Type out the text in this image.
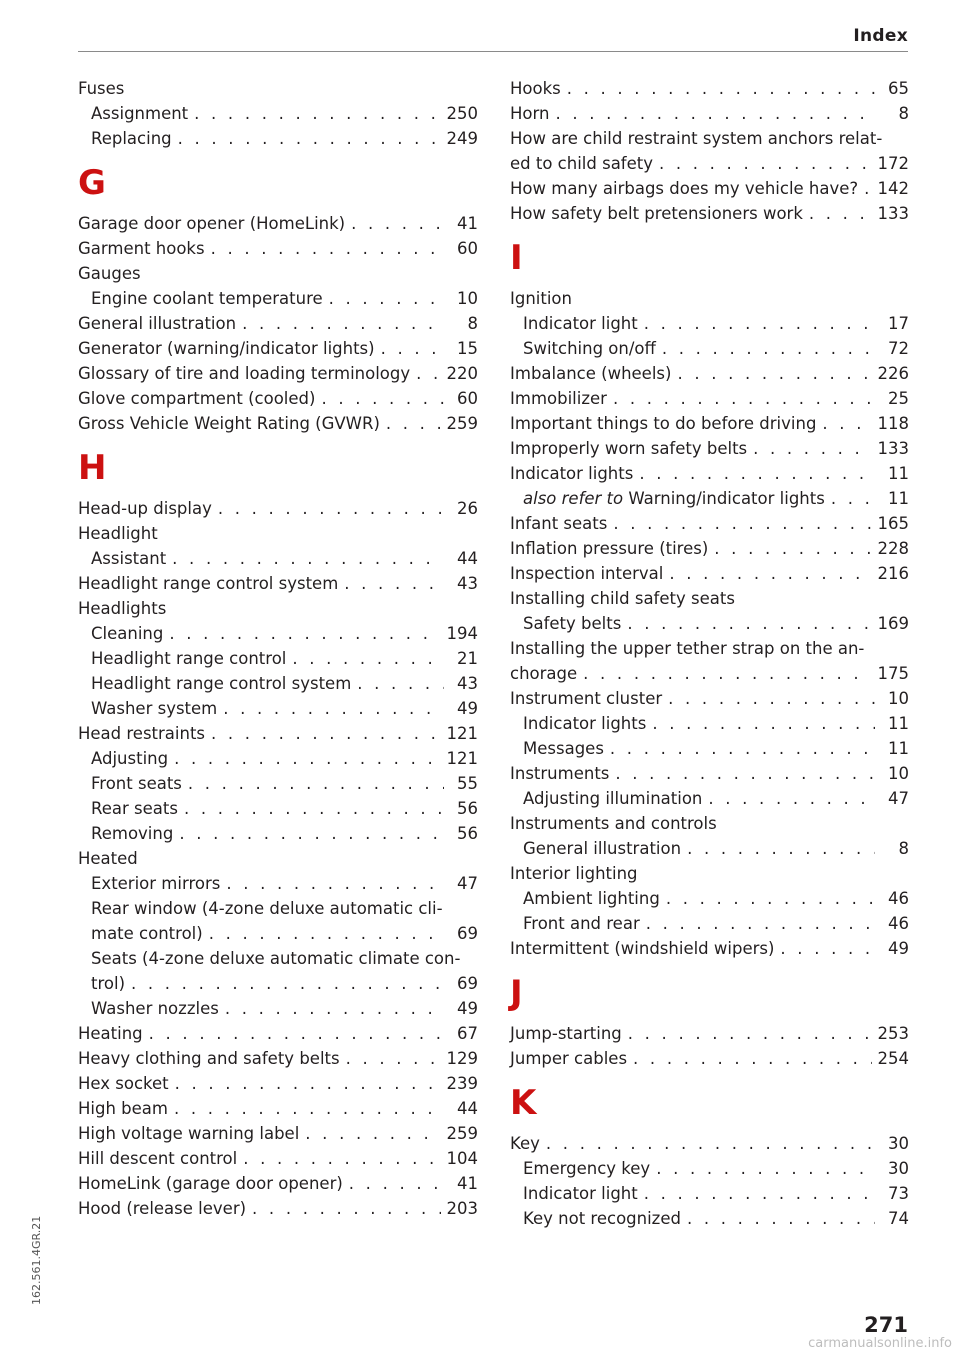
Index
Fuses
Assignment . . .	250
Replacing . . .	249
G
Garage door opener (HomeLink) . . .	41
Garment hooks . . .	60
Gauges
Engine coolant temperature . . .	10
General illustration . . .	8
Generator (warning/indicator lights) . . .	15
Glossary of tire and loading terminology . . . 220
Glove compartment (cooled) . . .	60
Gross Vehicle Weight Rating (GVWR) . . .	259
H
Head-up display . . .	26
Headlight
Assistant . . .	44
Headlight range control system . . .	43
Headlights
Cleaning . . .	194
Headlight range control . . .	21
Headlight range control system . . .	43
Washer system . . .	49
Head restraints . . .	121
Adjusting . . .	121
Front seats . . .	55
Rear seats . . .	56
Removing . . .	56
Heated
Exterior mirrors . . .	47
Rear window (4-zone deluxe automatic cli-
mate control) . . .	69
Seats (4-zone deluxe automatic climate con-
trol) . . .	69
Washer nozzles . . .	49
Heating . . .	67
Heavy clothing and safety belts . . .	129
Hex socket . . .	239
High beam . . .	44
High voltage warning label . . .	259
Hill descent control . . .	104
HomeLink (garage door opener) . . .	41
Hood (release lever) . . .	203
Hooks . . .	65
Horn . . .	8
How are child restraint system anchors relat-
ed to child safety . . .	172
How many airbags does my vehicle have? . . . 142
How safety belt pretensioners work . . .	133
I
Ignition
Indicator light . . .	17
Switching on/off . . .	72
Imbalance (wheels) . . .	226
Immobilizer . . .	25
Important things to do before driving . . .	118
Improperly worn safety belts . . .	133
Indicator lights . . .	11
also refer to Warning/indicator lights . . .	11
Infant seats . . .	165
Inflation pressure (tires) . . .	228
Inspection interval . . .	216
Installing child safety seats
Safety belts . . .	169
Installing the upper tether strap on the an-
chorage . . .	175
Instrument cluster . . .	10
Indicator lights . . .	11
Messages . . .	11
Instruments . . .	10
Adjusting illumination . . .	47
Instruments and controls
General illustration . . .	8
Interior lighting
Ambient lighting . . .	46
Front and rear . . .	46
Intermittent (windshield wipers) . . .	49
J
Jump-starting . . .	253
Jumper cables . . .	254
K
Key . . .	30
Emergency key . . .	30
Indicator light . . .	73
Key not recognized . . .	74
162.561.4GR.21
271
carmanualsonline.info
